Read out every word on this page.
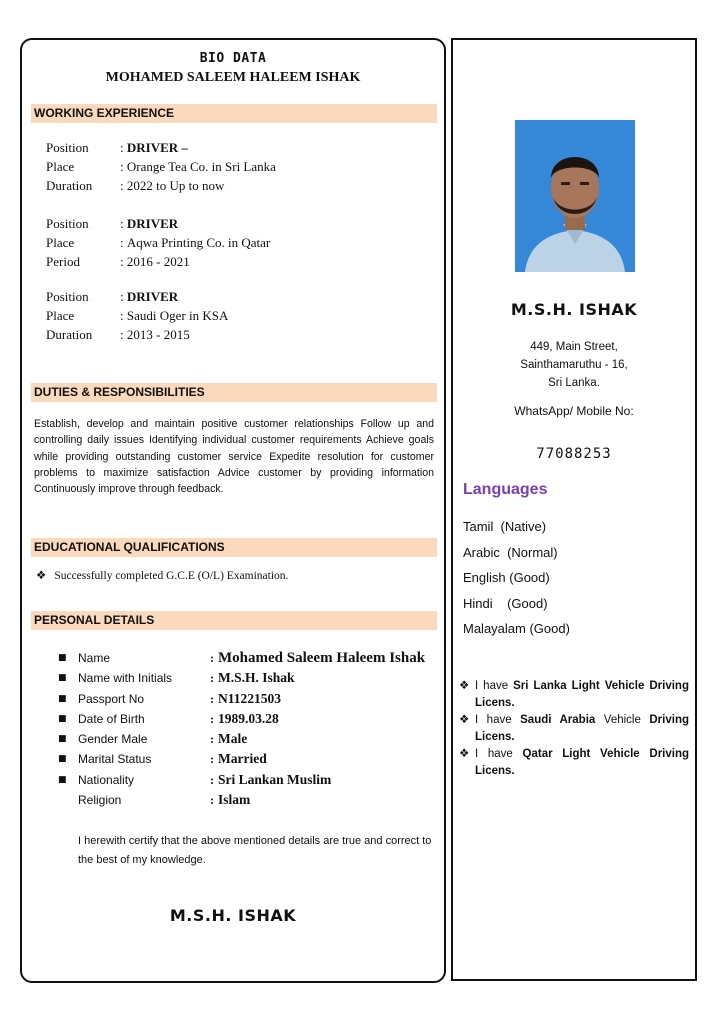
BIO DATA
MOHAMED SALEEM HALEEM ISHAK
WORKING EXPERIENCE
Position	:
DRIVER –
Place	:
Orange Tea Co. in Sri Lanka
Duration	:
2022 to Up to now
Position	:
DRIVER
Place	:
Aqwa Printing Co. in Qatar
Period	:
2016 - 2021
Position	:
DRIVER
Place	:
Saudi Oger in KSA
Duration	:
2013 - 2015
DUTIES & RESPONSIBILITIES
Establish, develop and maintain positive customer relationships Follow up and controlling daily issues Identifying individual customer requirements Achieve goals while providing outstanding customer service Expedite resolution for customer problems to maximize satisfaction Advice customer by providing information Continuously improve through feedback.
EDUCATIONAL QUALIFICATIONS
❖ Successfully completed G.C.E (O/L) Examination.
PERSONAL DETAILS
■ Name	: Mohamed Saleem Haleem Ishak
■ Name with Initials	: M.S.H. Ishak
■ Passport No	: N11221503
■ Date of Birth	: 1989.03.28
■ Gender Male	: Male
■ Marital Status	: Married
■ Nationality	: Sri Lankan Muslim
Religion	: Islam
I herewith certify that the above mentioned details are true and correct to the best of my knowledge.
M.S.H. ISHAK
M.S.H. ISHAK
449, Main Street,
Sainthamaruthu - 16,
Sri Lanka.
WhatsApp/ Mobile No:
77088253
Languages
Tamil  (Native)
Arabic  (Normal)
English (Good)
Hindi    (Good)
Malayalam (Good)
❖ I have Sri Lanka Light Vehicle Driving Licens.
❖ I have Saudi Arabia Vehicle Driving Licens.
❖ I have Qatar Light Vehicle Driving Licens.
